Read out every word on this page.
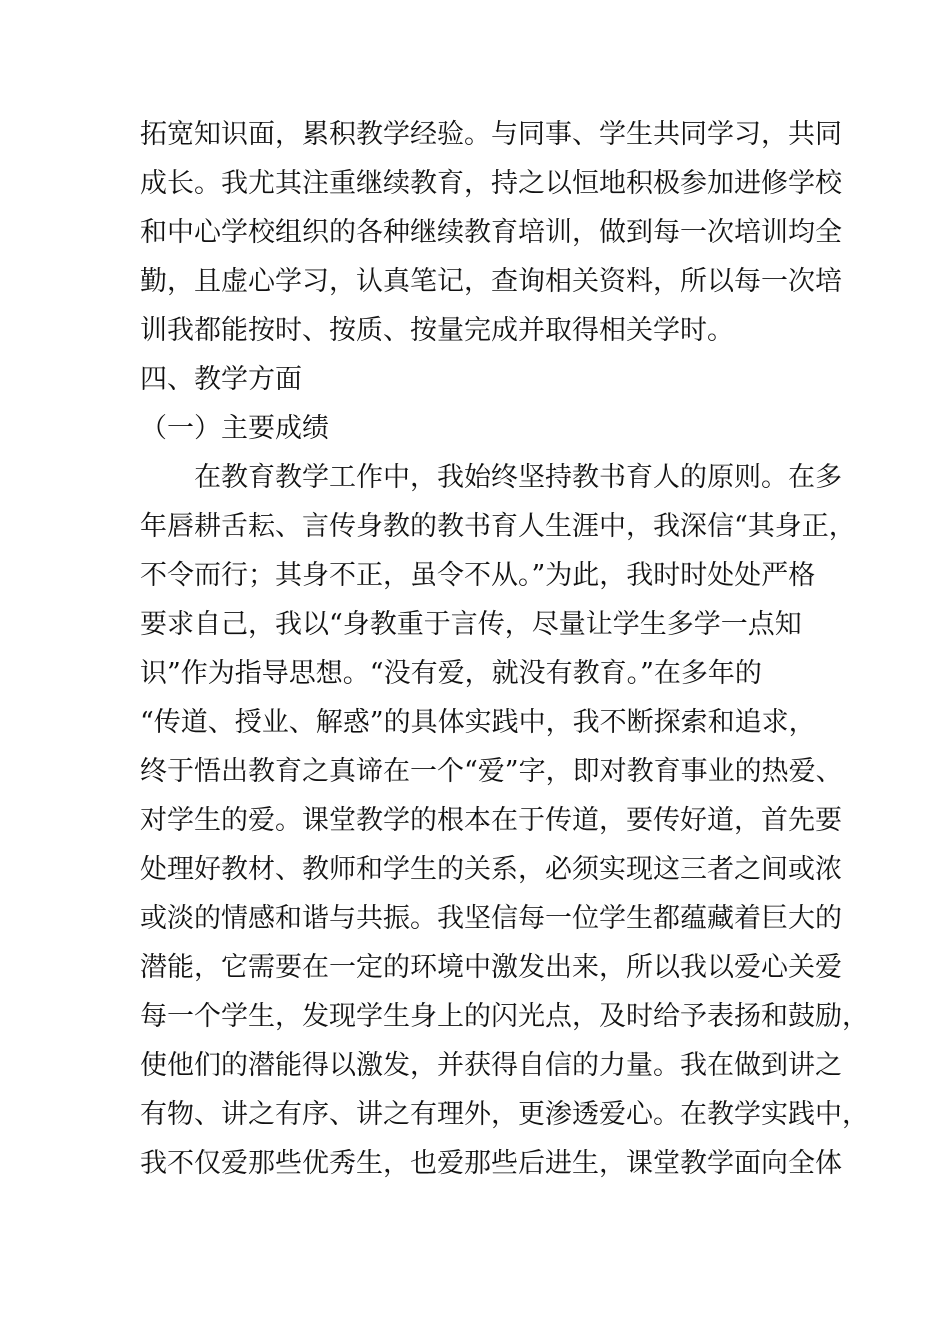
拓宽知识面，累积教学经验。与同事、学生共同学习，共同
成长。我尤其注重继续教育，持之以恒地积极参加进修学校
和中心学校组织的各种继续教育培训，做到每一次培训均全
勤，且虚心学习，认真笔记，查询相关资料，所以每一次培
训我都能按时、按质、按量完成并取得相关学时。
四、教学方面
（一）主要成绩
在教育教学工作中，我始终坚持教书育人的原则。在多
年唇耕舌耘、言传身教的教书育人生涯中，我深信“其身正，
不令而行；其身不正，虽令不从。”为此，我时时处处严格
要求自己，我以“身教重于言传，尽量让学生多学一点知
识”作为指导思想。“没有爱，就没有教育。”在多年的
“传道、授业、解惑”的具体实践中，我不断探索和追求，
终于悟出教育之真谛在一个“爱”字，即对教育事业的热爱、
对学生的爱。课堂教学的根本在于传道，要传好道，首先要
处理好教材、教师和学生的关系，必须实现这三者之间或浓
或淡的情感和谐与共振。我坚信每一位学生都蕴藏着巨大的
潜能，它需要在一定的环境中激发出来，所以我以爱心关爱
每一个学生，发现学生身上的闪光点，及时给予表扬和鼓励，
使他们的潜能得以激发，并获得自信的力量。我在做到讲之
有物、讲之有序、讲之有理外，更渗透爱心。在教学实践中，
我不仅爱那些优秀生，也爱那些后进生，课堂教学面向全体
